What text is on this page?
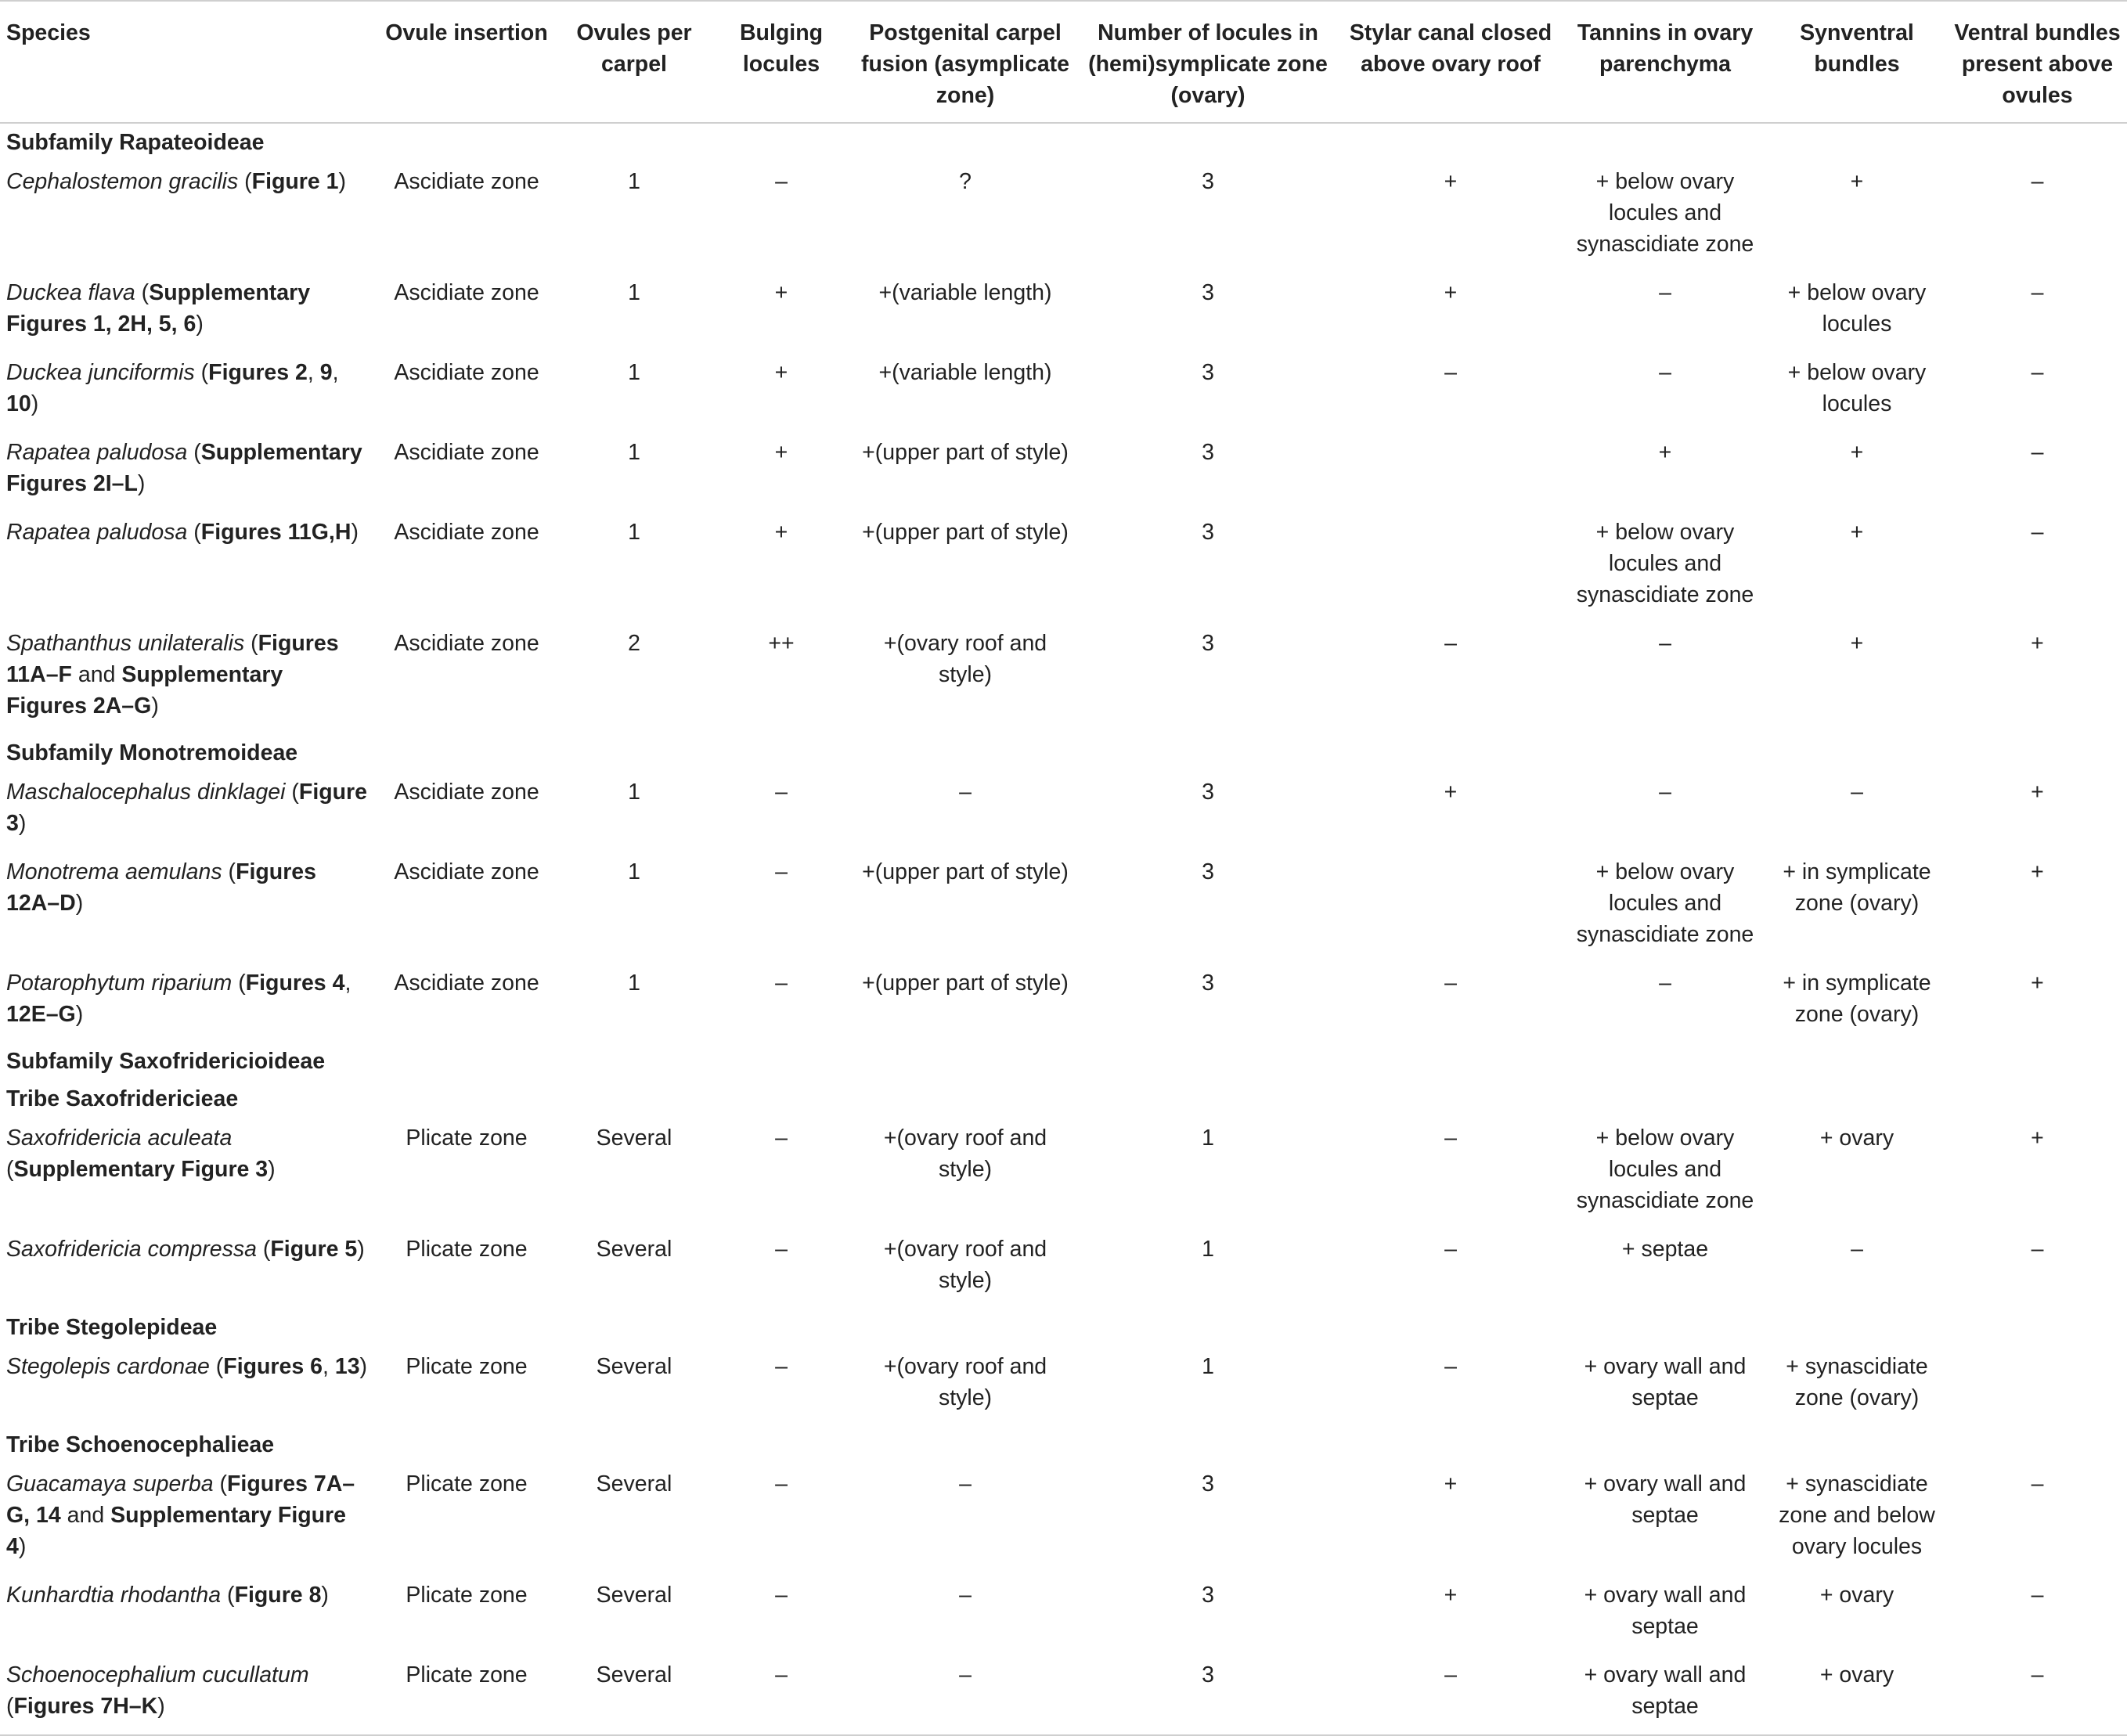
Species	Ovule insertion	Ovules per carpel	Bulging locules	Postgenital carpel fusion (asymplicate zone)	Number of locules in (hemi)symplicate zone (ovary)	Stylar canal closed above ovary roof	Tannins in ovary parenchyma	Synventral bundles	Ventral bundles present above ovules
Subfamily Rapateoideae									
Cephalostemon gracilis (Figure 1)	Ascidiate zone	1	–	?	3	+	+ below ovary locules and synascidiate zone	+	–
Duckea flava (Supplementary Figures 1, 2H, 5, 6)	Ascidiate zone	1	+	+(variable length)	3	+	–	+ below ovary locules	–
Duckea junciformis (Figures 2, 9, 10)	Ascidiate zone	1	+	+(variable length)	3	–	–	+ below ovary locules	–
Rapatea paludosa (Supplementary Figures 2I–L)	Ascidiate zone	1	+	+(upper part of style)	3		+	+	–
Rapatea paludosa (Figures 11G,H)	Ascidiate zone	1	+	+(upper part of style)	3		+ below ovary locules and synascidiate zone	+	–
Spathanthus unilateralis (Figures 11A–F and Supplementary Figures 2A–G)	Ascidiate zone	2	++	+(ovary roof and style)	3	–	–	+	+
Subfamily Monotremoideae									
Maschalocephalus dinklagei (Figure 3)	Ascidiate zone	1	–	–	3	+	–	–	+
Monotrema aemulans (Figures 12A–D)	Ascidiate zone	1	–	+(upper part of style)	3		+ below ovary locules and synascidiate zone	+ in symplicate zone (ovary)	+
Potarophytum riparium (Figures 4, 12E–G)	Ascidiate zone	1	–	+(upper part of style)	3	–	–	+ in symplicate zone (ovary)	+
Subfamily Saxofridericioideae									
Tribe Saxofridericieae									
Saxofridericia aculeata (Supplementary Figure 3)	Plicate zone	Several	–	+(ovary roof and style)	1	–	+ below ovary locules and synascidiate zone	+ ovary	+
Saxofridericia compressa (Figure 5)	Plicate zone	Several	–	+(ovary roof and style)	1	–	+ septae	–	–
Tribe Stegolepideae									
Stegolepis cardonae (Figures 6, 13)	Plicate zone	Several	–	+(ovary roof and style)	1	–	+ ovary wall and septae	+ synascidiate zone (ovary)	
Tribe Schoenocephalieae									
Guacamaya superba (Figures 7A–G, 14 and Supplementary Figure 4)	Plicate zone	Several	–	–	3	+	+ ovary wall and septae	+ synascidiate zone and below ovary locules	–
Kunhardtia rhodantha (Figure 8)	Plicate zone	Several	–	–	3	+	+ ovary wall and septae	+ ovary	–
Schoenocephalium cucullatum (Figures 7H–K)	Plicate zone	Several	–	–	3	–	+ ovary wall and septae	+ ovary	–
